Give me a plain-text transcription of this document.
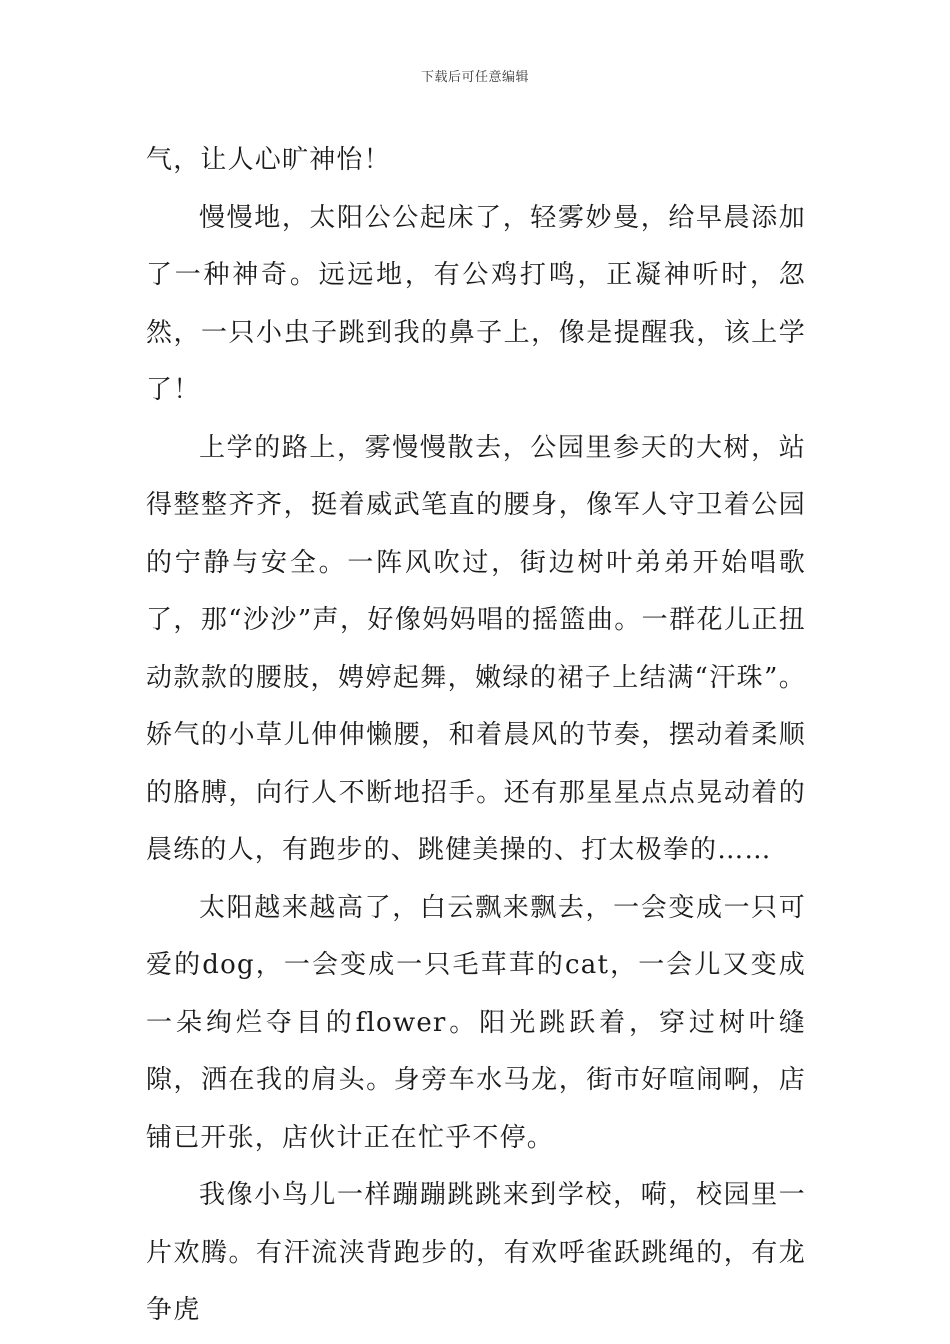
下载后可任意编辑

气，让人心旷神怡！

慢慢地，太阳公公起床了，轻雾妙曼，给早晨添加了一种神奇。远远地，有公鸡打鸣，正凝神听时，忽然，一只小虫子跳到我的鼻子上，像是提醒我，该上学了！

上学的路上，雾慢慢散去，公园里参天的大树，站得整整齐齐，挺着威武笔直的腰身，像军人守卫着公园的宁静与安全。一阵风吹过，街边树叶弟弟开始唱歌了，那“沙沙”声，好像妈妈唱的摇篮曲。一群花儿正扭动款款的腰肢，娉婷起舞，嫩绿的裙子上结满“汗珠”。娇气的小草儿伸伸懒腰，和着晨风的节奏，摆动着柔顺的胳膊，向行人不断地招手。还有那星星点点晃动着的晨练的人，有跑步的、跳健美操的、打太极拳的……

太阳越来越高了，白云飘来飘去，一会变成一只可爱的dog，一会变成一只毛茸茸的cat，一会儿又变成一朵绚烂夺目的flower。阳光跳跃着，穿过树叶缝隙，洒在我的肩头。身旁车水马龙，街市好喧闹啊，店铺已开张，店伙计正在忙乎不停。

我像小鸟儿一样蹦蹦跳跳来到学校，嗬，校园里一片欢腾。有汗流浃背跑步的，有欢呼雀跃跳绳的，有龙争虎
